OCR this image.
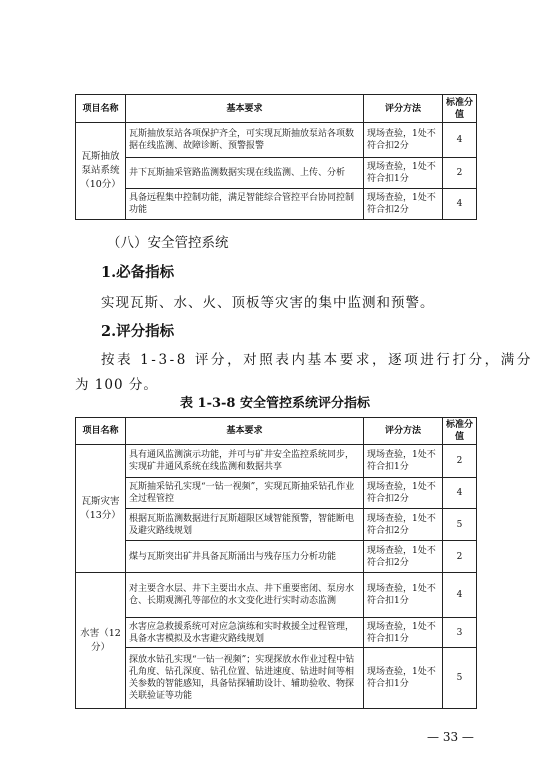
项目名称	基本要求	评分方法	标准分值
瓦斯抽放泵站系统（10分）	瓦斯抽放泵站各项保护齐全，可实现瓦斯抽放泵站各项数据在线监测、故障诊断、预警报警	现场查验，1处不符合扣2分	4
	井下瓦斯抽采管路监测数据实现在线监测、上传、分析	现场查验，1处不符合扣1分	2
	具备远程集中控制功能，满足智能综合管控平台协同控制功能	现场查验，1处不符合扣2分	4
（八）安全管控系统
1.必备指标
实现瓦斯、水、火、顶板等灾害的集中监测和预警。
2.评分指标
按表 1-3-8 评分，对照表内基本要求，逐项进行打分，满分
为 100 分。
表 1-3-8 安全管控系统评分指标
项目名称	基本要求	评分方法	标准分值
瓦斯灾害（13分）	具有通风监测演示功能，并可与矿井安全监控系统同步，实现矿井通风系统在线监测和数据共享	现场查验，1处不符合扣1分	2
	瓦斯抽采钻孔实现“一钻一视频”，实现瓦斯抽采钻孔作业全过程管控	现场查验，1处不符合扣2分	4
	根据瓦斯监测数据进行瓦斯超限区域智能预警，智能断电及避灾路线规划	现场查验，1处不符合扣2分	5
	煤与瓦斯突出矿井具备瓦斯涌出与残存压力分析功能	现场查验，1处不符合扣2分	2
水害（12分）	对主要含水层、井下主要出水点、井下重要密闭、泵房水仓、长期观测孔等部位的水文变化进行实时动态监测	现场查验，1处不符合扣1分	4
	水害应急救援系统可对应急演练和实时救援全过程管理，具备水害模拟及水害避灾路线规划	现场查验，1处不符合扣1分	3
	探放水钻孔实现“一钻一视频”；实现探放水作业过程中钻孔角度、钻孔深度、钻孔位置、钻进速度、钻进时间等相关参数的智能感知，具备钻探辅助设计、辅助验收、物探关联验证等功能	现场查验，1处不符合扣1分	5
— 33 —
